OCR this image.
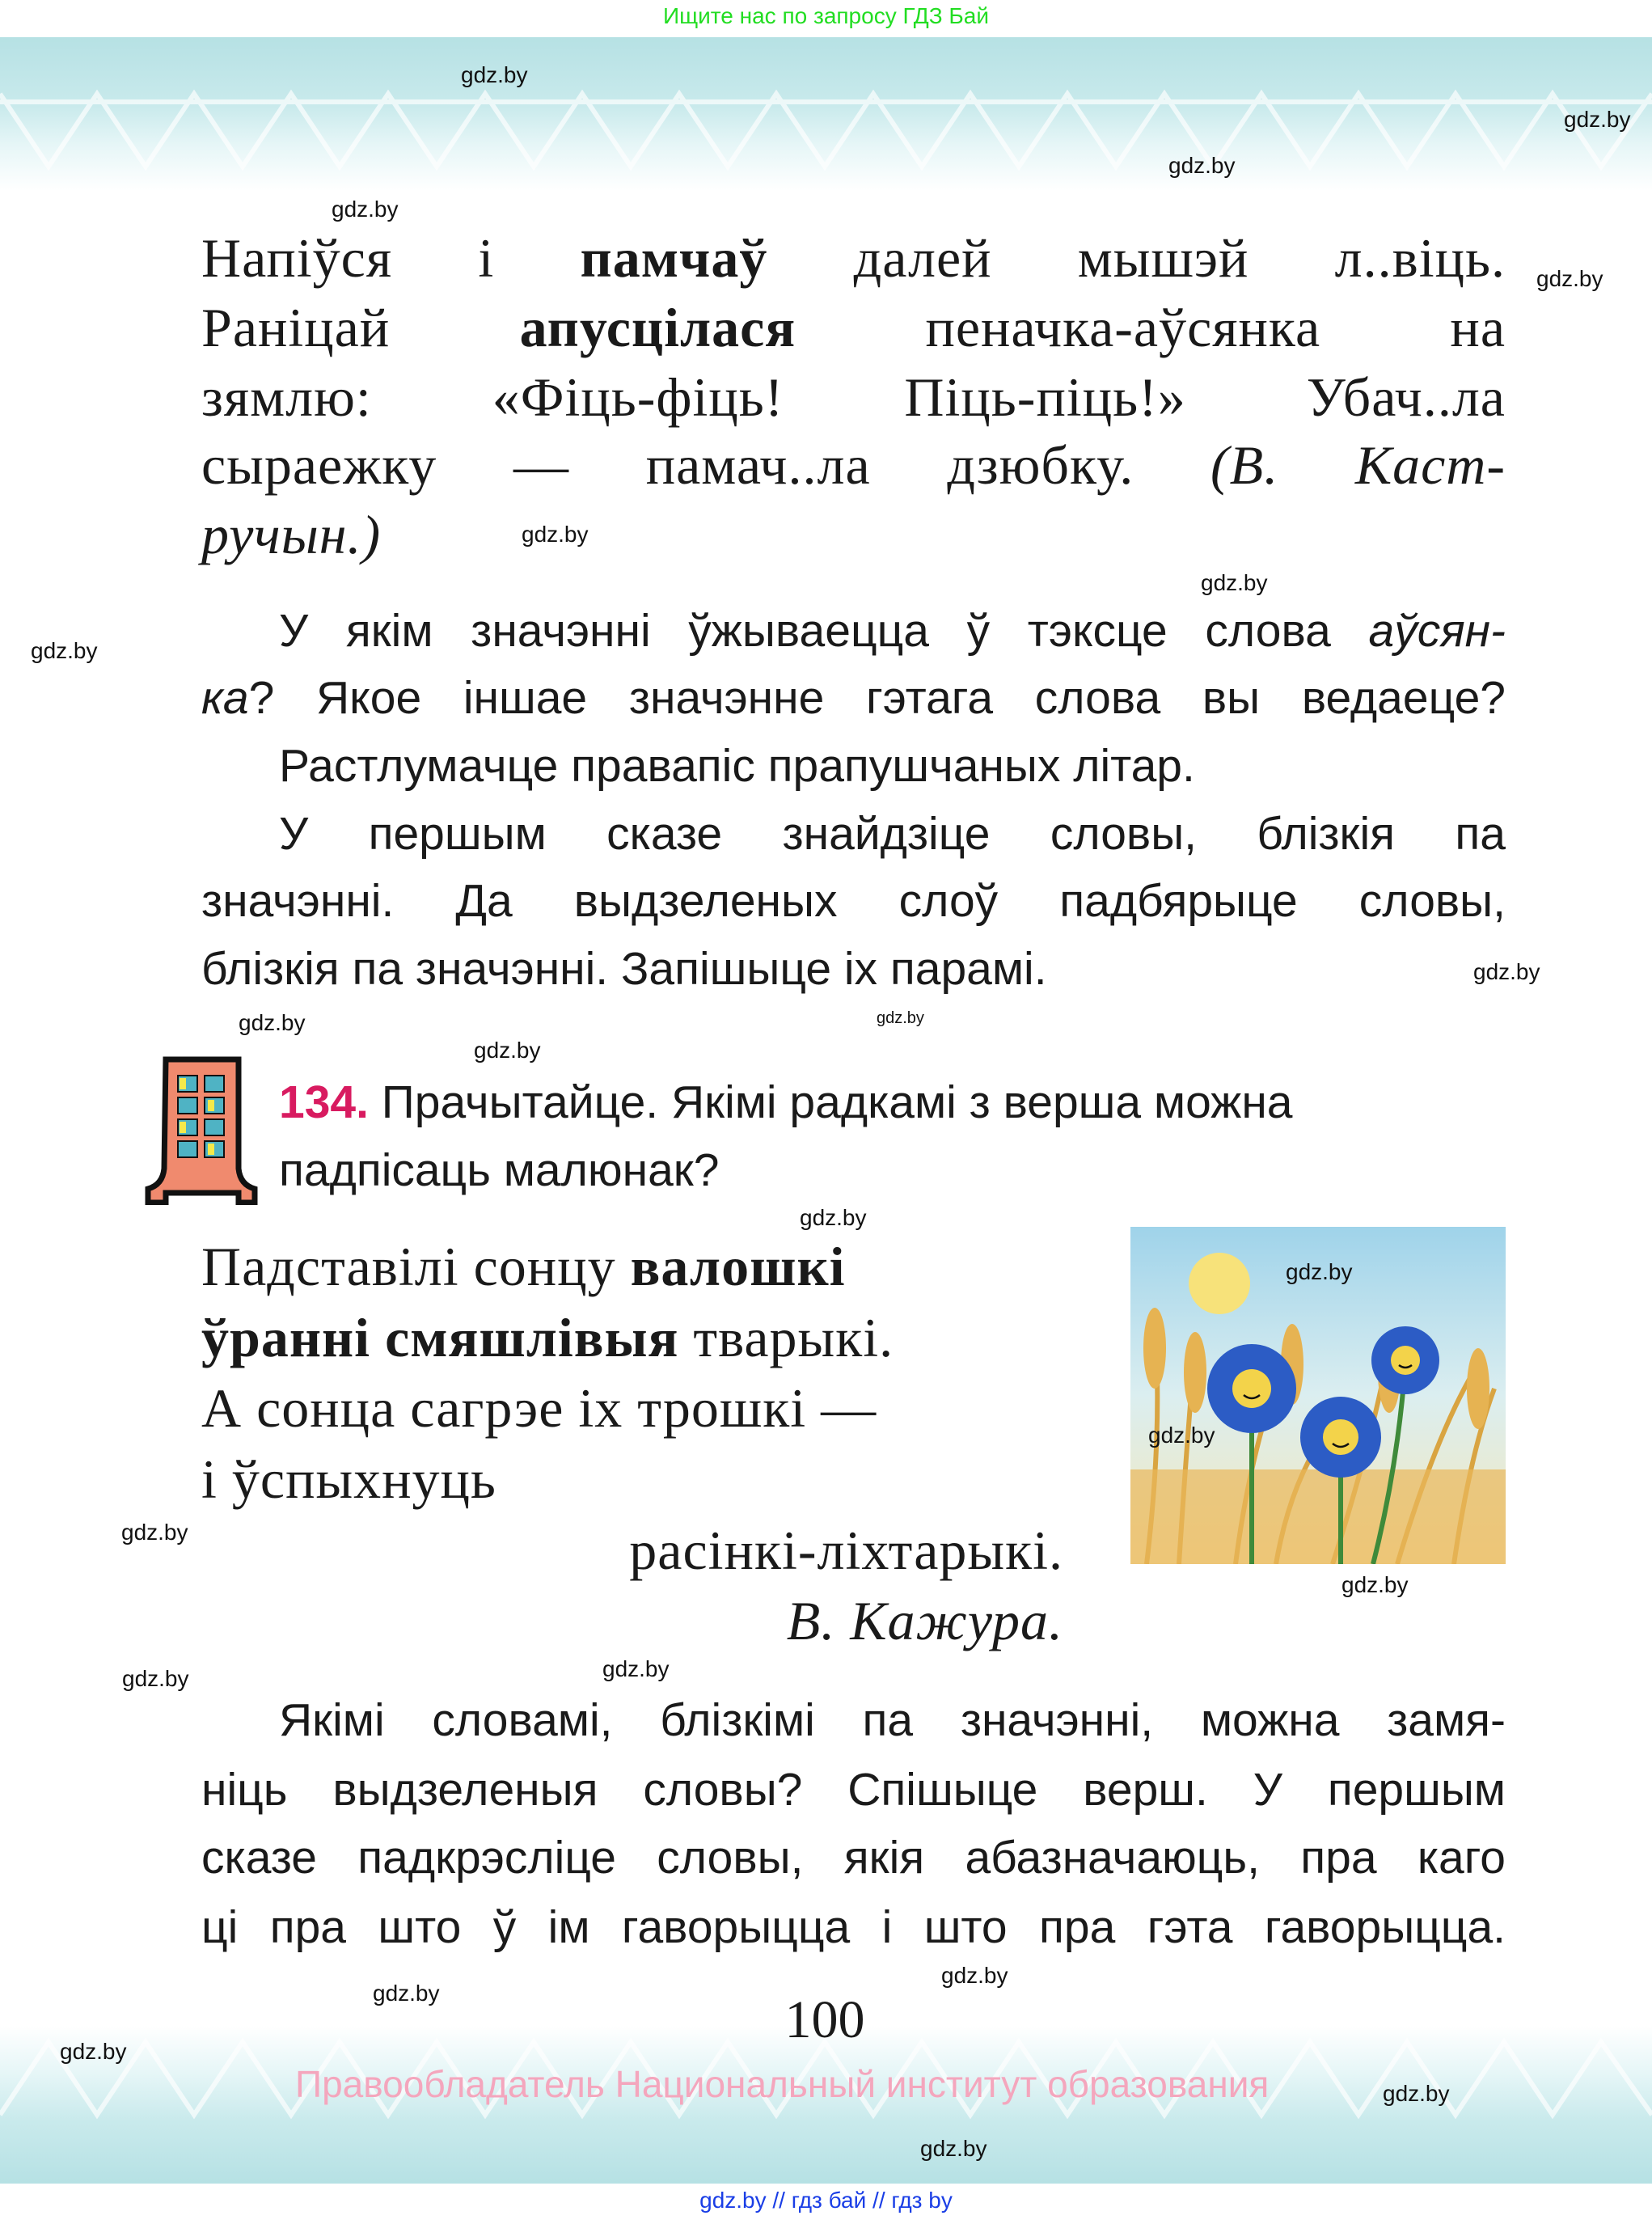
Ищите нас по запросу ГДЗ Бай
Напіўся і памчаў далей мышэй л..віць.
Раніцай апусцілася пеначка-аўсянка на
зямлю: «Фіць-фіць! Піць-піць!» Убач..ла
сыраежку — памач..ла дзюбку. (В. Каст-
ручын.)
У якім значэнні ўжываецца ў тэксце слова аўсян-
ка? Якое іншае значэнне гэтага слова вы ведаеце?
Растлумачце правапіс прапушчаных літар.
У першым сказе знайдзіце словы, блізкія па
значэнні. Да выдзеленых слоў падбярыце словы,
блізкія па значэнні. Запішыце іх парамі.
134. Прачытайце. Якімі радкамі з верша можна
падпісаць малюнак?
Падставілі сонцу валошкі
ўранні смяшлівыя тварыкі.
А сонца сагрэе іх трошкі —
і ўспыхнуць
расінкі-ліхтарыкі.
В. Кажура.
Якімі словамі, блізкімі па значэнні, можна замя-
ніць выдзеленыя словы? Спішыце верш. У першым
сказе падкрэсліце словы, якія абазначаюць, пра каго
ці пра што ў ім гаворыцца і што пра гэта гаворыцца.
100
Правообладатель Национальный институт образования
gdz.by // гдз бай // гдз by
gdz.by
gdz.by
gdz.by
gdz.by
gdz.by
gdz.by
gdz.by
gdz.by
gdz.by
gdz.by
gdz.by
gdz.by
gdz.by
gdz.by
gdz.by
gdz.by
gdz.by
gdz.by
gdz.by
gdz.by
gdz.by
gdz.by
gdz.by
gdz.by
